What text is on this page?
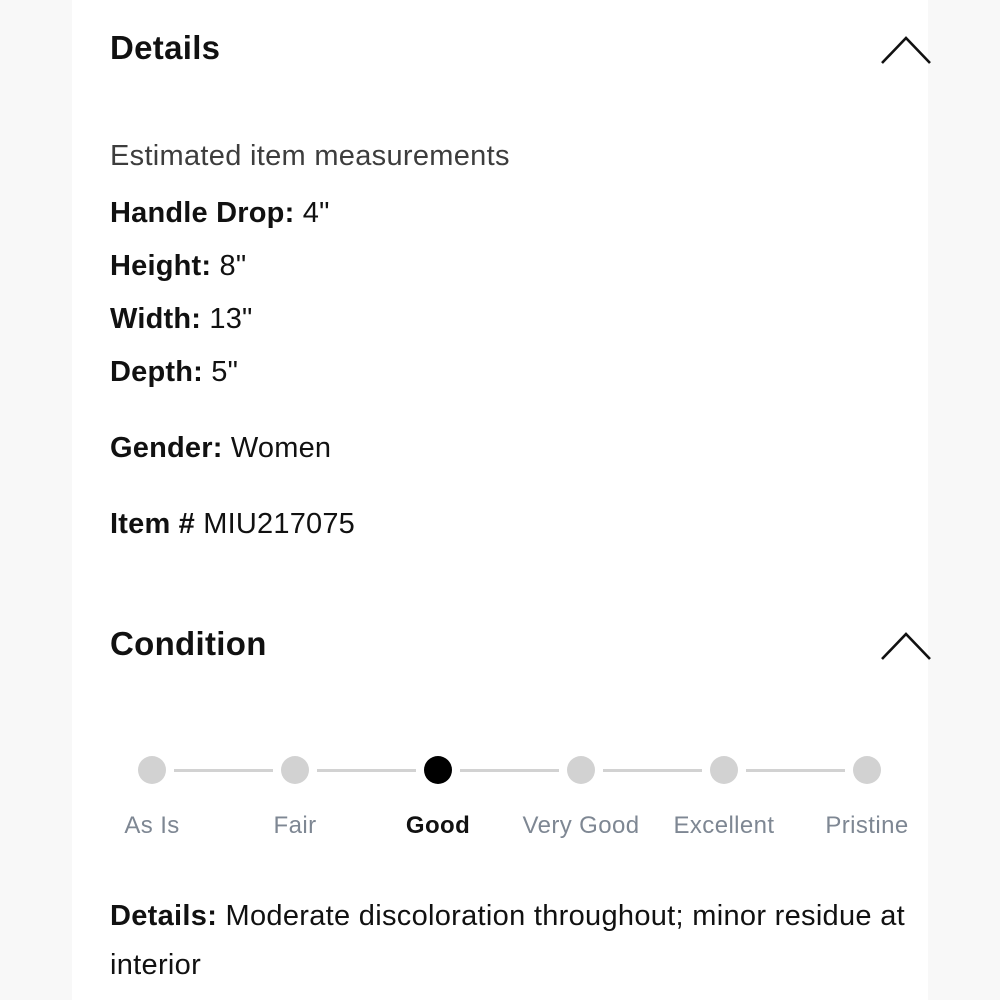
Details
Estimated item measurements
Handle Drop: 4"
Height: 8"
Width: 13"
Depth: 5"
Gender: Women
Item # MIU217075
Condition
As Is	Fair	Good	Very Good	Excellent	Pristine
Details: Moderate discoloration throughout; minor residue at interior
